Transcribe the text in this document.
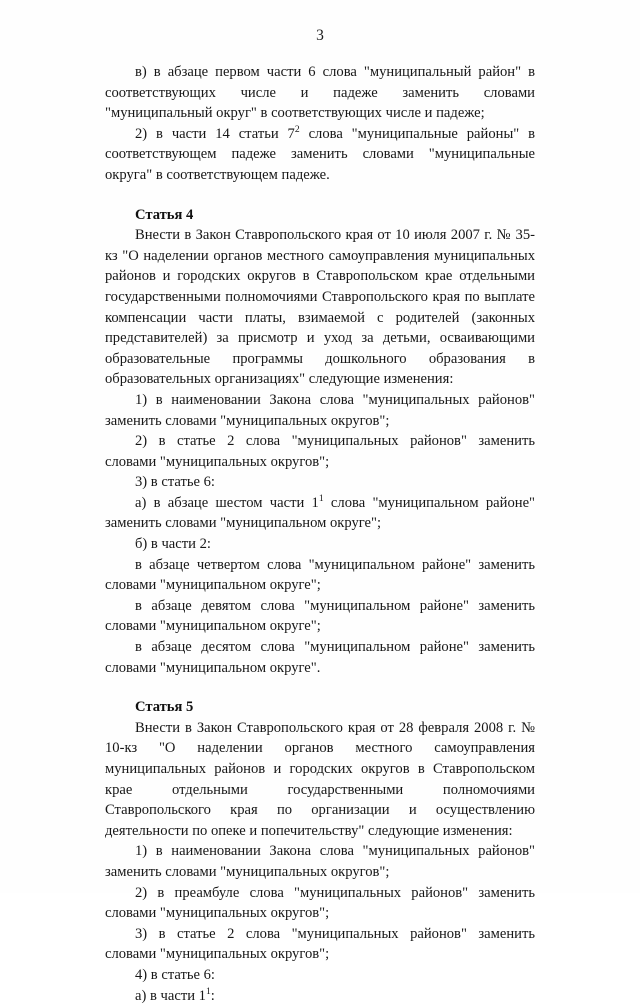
3

в) в абзаце первом части 6 слова "муниципальный район" в соответствующих числе и падеже заменить словами "муниципальный округ" в соответствующих числе и падеже;

2) в части 14 статьи $7^2$ слова "муниципальные районы" в соответствующем падеже заменить словами "муниципальные округа" в соответствующем падеже.

Статья 4

Внести в Закон Ставропольского края от 10 июля 2007 г. № 35-кз "О наделении органов местного самоуправления муниципальных районов и городских округов в Ставропольском крае отдельными государственными полномочиями Ставропольского края по выплате компенсации части платы, взимаемой с родителей (законных представителей) за присмотр и уход за детьми, осваивающими образовательные программы дошкольного образования в образовательных организациях" следующие изменения:

1) в наименовании Закона слова "муниципальных районов" заменить словами "муниципальных округов";

2) в статье 2 слова "муниципальных районов" заменить словами "муниципальных округов";

3) в статье 6:

а) в абзаце шестом части $1^1$ слова "муниципальном районе" заменить словами "муниципальном округе";

б) в части 2:

в абзаце четвертом слова "муниципальном районе" заменить словами "муниципальном округе";

в абзаце девятом слова "муниципальном районе" заменить словами "муниципальном округе";

в абзаце десятом слова "муниципальном районе" заменить словами "муниципальном округе".

Статья 5

Внести в Закон Ставропольского края от 28 февраля 2008 г. № 10-кз "О наделении органов местного самоуправления муниципальных районов и городских округов в Ставропольском крае отдельными государственными полномочиями Ставропольского края по организации и осуществлению деятельности по опеке и попечительству" следующие изменения:

1) в наименовании Закона слова "муниципальных районов" заменить словами "муниципальных округов";

2) в преамбуле слова "муниципальных районов" заменить словами "муниципальных округов";

3) в статье 2 слова "муниципальных районов" заменить словами "муниципальных округов";

4) в статье 6:

а) в части $1^1$:
